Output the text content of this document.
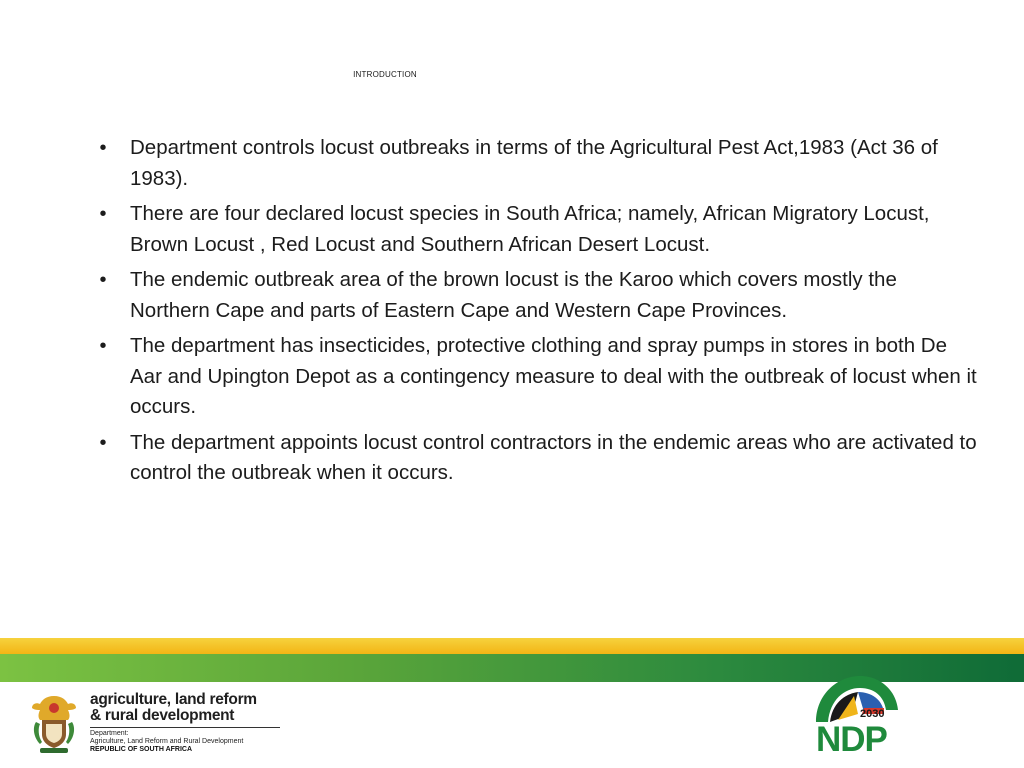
INTRODUCTION
• Department controls locust outbreaks in terms of the Agricultural Pest Act,1983 (Act 36 of 1983).
• There are four declared locust species in South Africa; namely, African Migratory Locust, Brown Locust , Red Locust and Southern African Desert Locust.
• The endemic outbreak area of the brown locust is the Karoo which covers mostly the Northern Cape and parts of Eastern Cape and Western Cape Provinces.
• The department has insecticides, protective clothing and spray pumps in stores in both De Aar and Upington Depot as a contingency measure to deal with the outbreak of locust when it occurs.
• The department appoints locust control contractors in the endemic areas who are activated to control the outbreak when it occurs.
agriculture, land reform
& rural development
Department:
Agriculture, Land Reform and Rural Development
REPUBLIC OF SOUTH AFRICA
2030
NDP
